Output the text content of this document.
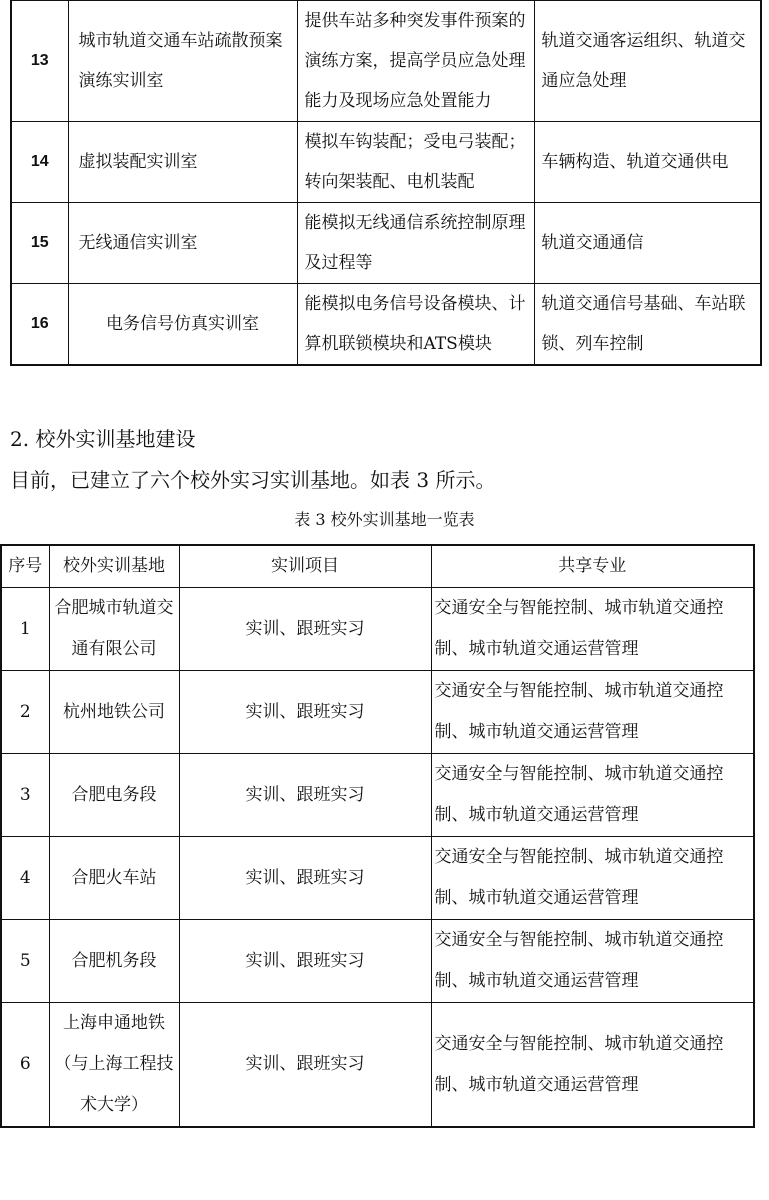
13	城市轨道交通车站疏散预案演练实训室	提供车站多种突发事件预案的演练方案，提高学员应急处理能力及现场应急处置能力	轨道交通客运组织、轨道交通应急处理
14	虚拟装配实训室	模拟车钩装配；受电弓装配；转向架装配、电机装配	车辆构造、轨道交通供电
15	无线通信实训室	能模拟无线通信系统控制原理及过程等	轨道交通通信
16	电务信号仿真实训室	能模拟电务信号设备模块、计算机联锁模块和ATS模块	轨道交通信号基础、车站联锁、列车控制

2. 校外实训基地建设

目前，已建立了六个校外实习实训基地。如表 3 所示。

表 3 校外实训基地一览表

序号	校外实训基地	实训项目	共享专业
1	合肥城市轨道交通有限公司	实训、跟班实习	交通安全与智能控制、城市轨道交通控制、城市轨道交通运营管理
2	杭州地铁公司	实训、跟班实习	交通安全与智能控制、城市轨道交通控制、城市轨道交通运营管理
3	合肥电务段	实训、跟班实习	交通安全与智能控制、城市轨道交通控制、城市轨道交通运营管理
4	合肥火车站	实训、跟班实习	交通安全与智能控制、城市轨道交通控制、城市轨道交通运营管理
5	合肥机务段	实训、跟班实习	交通安全与智能控制、城市轨道交通控制、城市轨道交通运营管理
6	上海申通地铁（与上海工程技术大学）	实训、跟班实习	交通安全与智能控制、城市轨道交通控制、城市轨道交通运营管理
